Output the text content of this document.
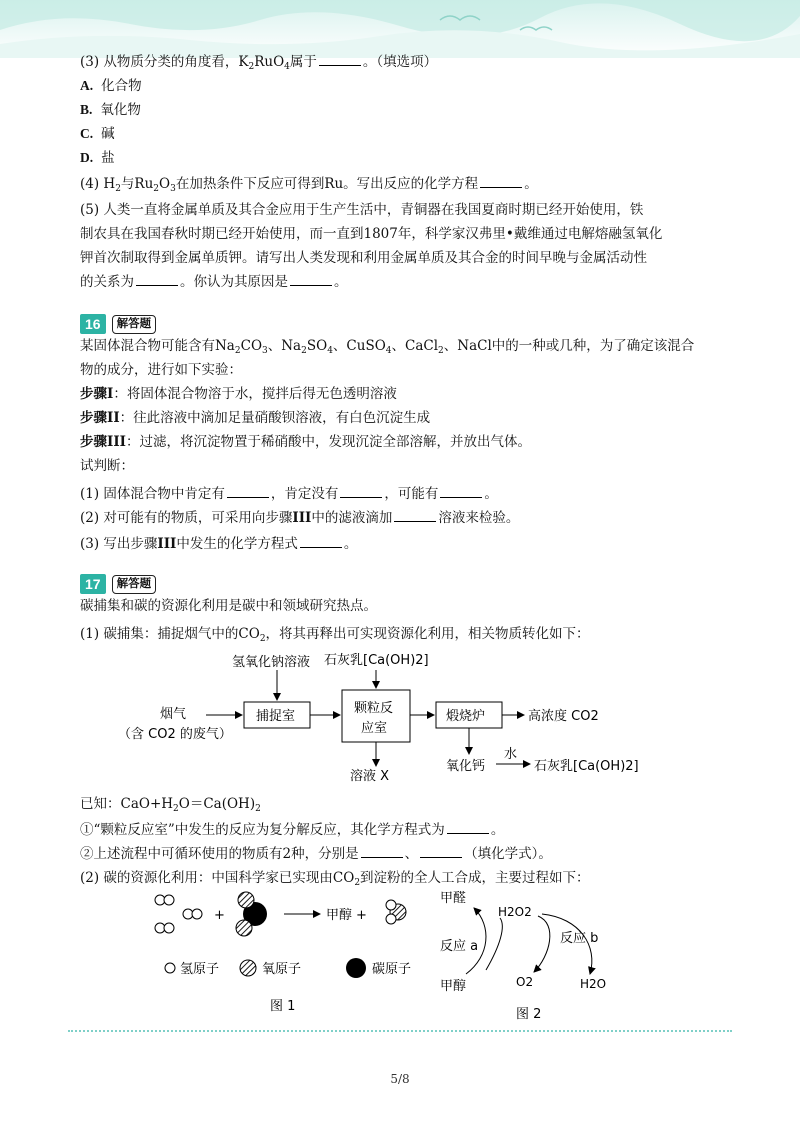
(3) 从物质分类的角度看，$K_2RuO_4$属于	。（填选项）
A. 化合物
B. 氧化物
C. 碱
D. 盐
(4) $H_2$与$Ru_2O_3$在加热条件下反应可得到Ru。写出反应的化学方程	。
(5) 人类一直将金属单质及其合金应用于生产生活中，青铜器在我国夏商时期已经开始使用，铁
制农具在我国春秋时期已经开始使用，而一直到1807年，科学家汉弗里•戴维通过电解熔融氢氧化
钾首次制取得到金属单质钾。请写出人类发现和利用金属单质及其合金的时间早晚与金属活动性
的关系为	。你认为其原因是	。
16	解答题
某固体混合物可能含有$Na_2CO_3$、$Na_2SO_4$、CuSO$_4$、CaCl$_2$、NaCl中的一种或几种，为了确定该混合
物的成分，进行如下实验：
步骤I：将固体混合物溶于水，搅拌后得无色透明溶液
步骤II：往此溶液中滴加足量硝酸钡溶液，有白色沉淀生成
步骤III：过滤，将沉淀物置于稀硝酸中，发现沉淀全部溶解，并放出气体。
试判断：
(1) 固体混合物中肯定有	，肯定没有	，可能有	。
(2) 对可能有的物质，可采用向步骤III中的滤液滴加	溶液来检验。
(3) 写出步骤III中发生的化学方程式	。
17	解答题
碳捕集和碳的资源化利用是碳中和领域研究热点。
(1) 碳捕集：捕捉烟气中的$CO_2$，将其再释出可实现资源化利用，相关物质转化如下：
氢氧化钠溶液 石灰乳[Ca(OH)2]
烟气
（含 CO2 的废气）
捕捉室
颗粒反
应室
煅烧炉	高浓度 CO2
溶液 X
氧化钙
水
石灰乳[Ca(OH)2]
已知：$CaO+H_2O=Ca(OH)_2$
①“颗粒反应室”中发生的反应为复分解反应，其化学方程式为	。
②上述流程中可循环使用的物质有2种，分别是	、	（填化学式）。
(2) 碳的资源化利用：中国科学家已实现由$CO_2$到淀粉的全人工合成，主要过程如下：
+	甲醇 +
氢原子	氧原子	碳原子
图 1
甲醛
H2O2
反应 a
反应 b
甲醇	O2	H2O
图 2
5/8
